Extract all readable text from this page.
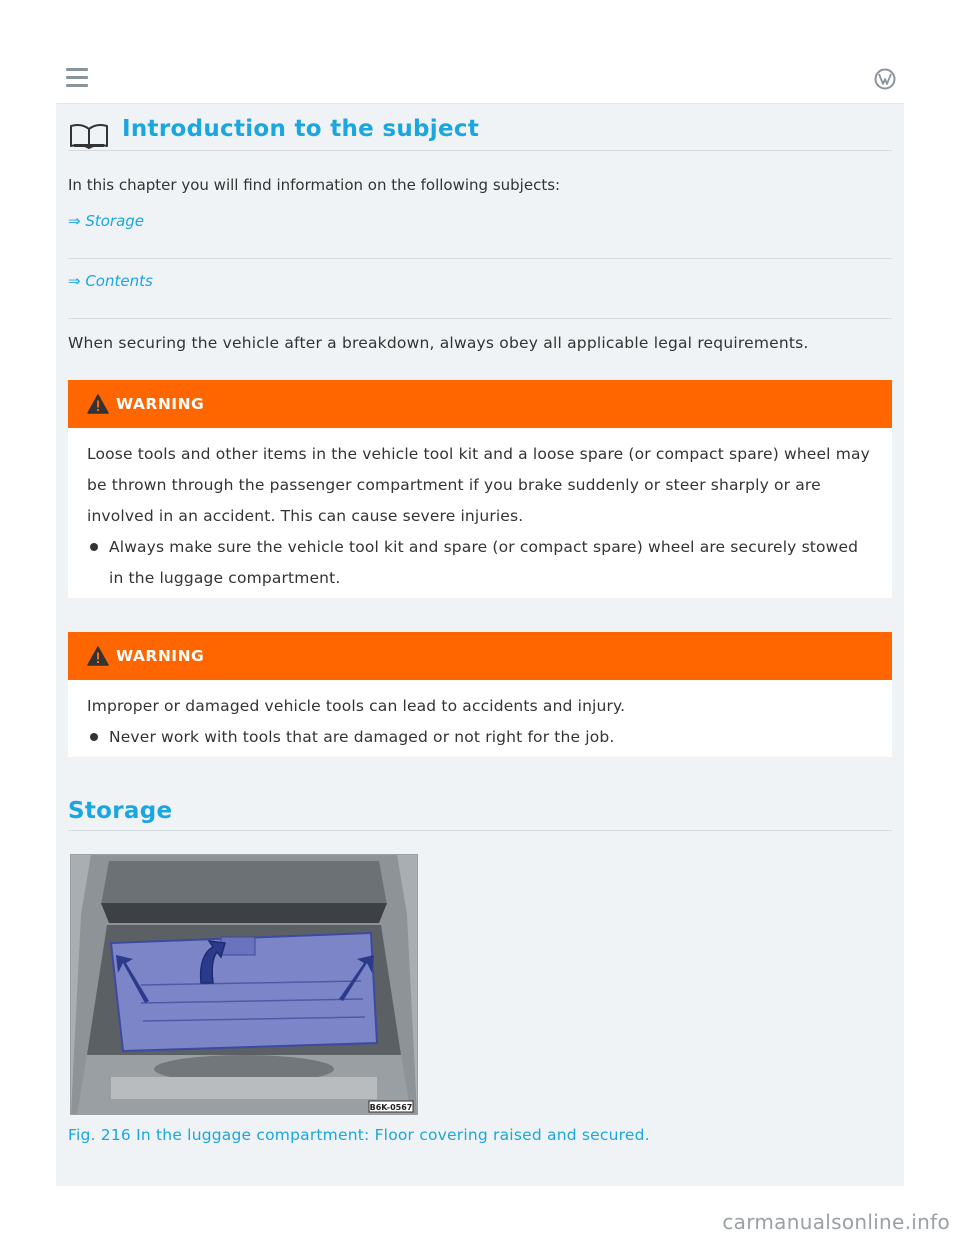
Introduction to the subject

In this chapter you will find information on the following subjects:

⇒ Storage
⇒ Contents

When securing the vehicle after a breakdown, always obey all applicable legal requirements.

WARNING

Loose tools and other items in the vehicle tool kit and a loose spare (or compact spare) wheel may be thrown through the passenger compartment if you brake suddenly or steer sharply or are involved in an accident. This can cause severe injuries.

Always make sure the vehicle tool kit and spare (or compact spare) wheel are securely stowed in the luggage compartment.

WARNING

Improper or damaged vehicle tools can lead to accidents and injury.

Never work with tools that are damaged or not right for the job.

Storage
B6K-0567

Fig. 216 In the luggage compartment: Floor covering raised and secured.

carmanualsonline.info
